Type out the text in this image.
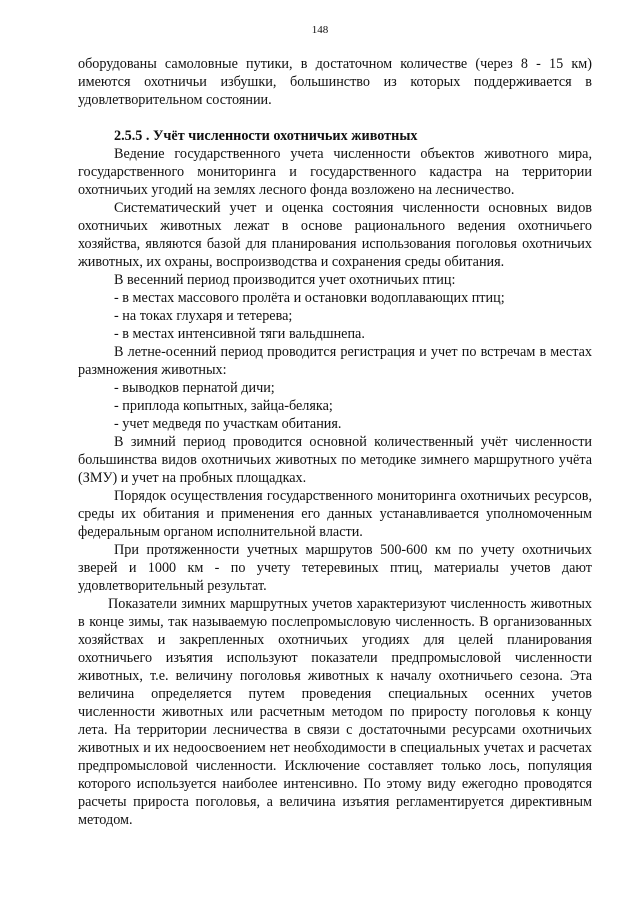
148

оборудованы самоловные путики, в достаточном количестве (через 8 - 15 км) имеются охотничьи избушки, большинство из которых поддерживается в удовлетворительном состоянии.

2.5.5 . Учёт численности охотничьих животных

Ведение государственного учета численности объектов животного мира, государственного мониторинга и государственного кадастра на территории охотничьих угодий на землях лесного фонда возложено на лесничество.

Систематический учет и оценка состояния численности основных видов охотничьих животных лежат в основе рационального ведения охотничьего хозяйства, являются базой для планирования использования поголовья охотничьих животных, их охраны, воспроизводства и сохранения среды обитания.

В весенний период производится учет охотничьих птиц:

- в местах массового пролёта и остановки водоплавающих птиц;
- на токах глухаря и тетерева;
- в местах интенсивной тяги вальдшнепа.

В летне-осенний период проводится регистрация и учет по встречам в местах размножения животных:

- выводков пернатой дичи;
- приплода копытных, зайца-беляка;
- учет медведя по участкам обитания.

В зимний период проводится основной количественный учёт численности большинства видов охотничьих животных по методике зимнего маршрутного учёта (ЗМУ) и учет на пробных площадках.

Порядок осуществления государственного мониторинга охотничьих ресурсов, среды их обитания и применения его данных устанавливается уполномоченным федеральным органом исполнительной власти.

При протяженности учетных маршрутов 500-600 км по учету охотничьих зверей и 1000 км - по учету тетеревиных птиц, материалы учетов дают удовлетворительный результат.

Показатели зимних маршрутных учетов характеризуют численность животных в конце зимы, так называемую послепромысловую численность. В организованных хозяйствах и закрепленных охотничьих угодиях для целей планирования охотничьего изъятия используют показатели предпромысловой численности животных, т.е. величину поголовья животных к началу охотничьего сезона. Эта величина определяется путем проведения специальных осенних учетов численности животных или расчетным методом по приросту поголовья к концу лета. На территории лесничества в связи с достаточными ресурсами охотничьих животных и их недоосвоением нет необходимости в специальных учетах и расчетах предпромысловой численности. Исключение составляет только лось, популяция которого используется наиболее интенсивно. По этому виду ежегодно проводятся расчеты прироста поголовья, а величина изъятия регламентируется директивным методом.
